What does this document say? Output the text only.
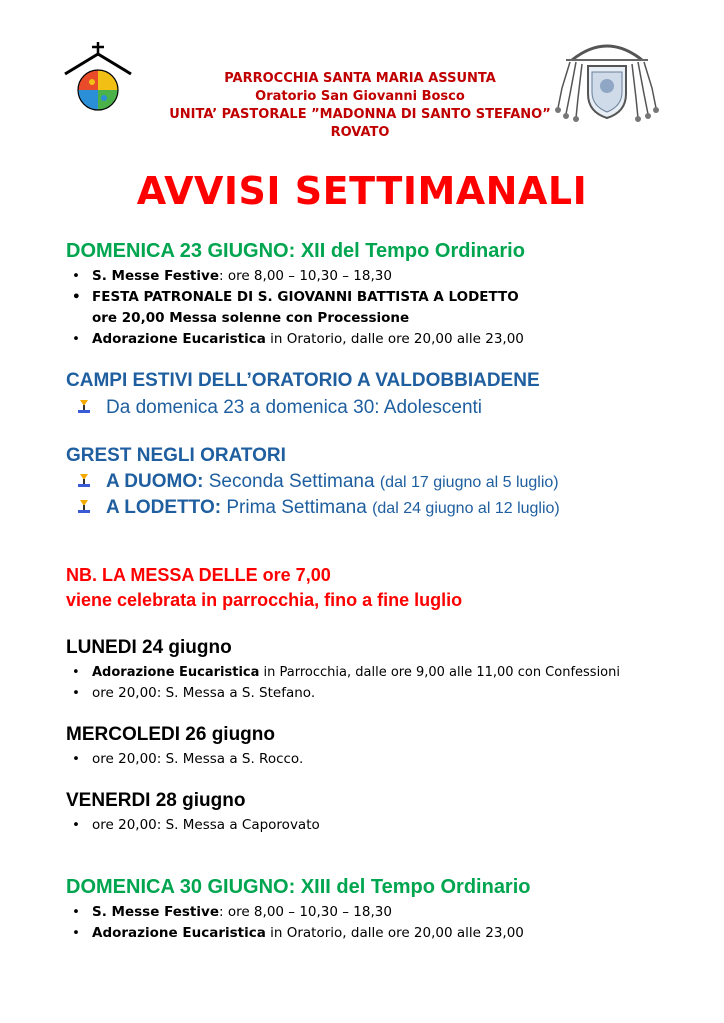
PARROCCHIA SANTA MARIA ASSUNTA
Oratorio San Giovanni Bosco
UNITA’ PASTORALE ”MADONNA DI SANTO STEFANO”
ROVATO
AVVISI SETTIMANALI
DOMENICA 23 GIUGNO: XII del Tempo Ordinario
• S. Messe Festive: ore 8,00 – 10,30 – 18,30
• FESTA PATRONALE DI S. GIOVANNI BATTISTA A LODETTO
ore 20,00 Messa solenne con Processione
• Adorazione Eucaristica in Oratorio, dalle ore 20,00 alle 23,00
CAMPI ESTIVI DELL’ORATORIO A VALDOBBIADENE
Da domenica 23 a domenica 30: Adolescenti
GREST NEGLI ORATORI
A DUOMO: Seconda Settimana (dal 17 giugno al 5 luglio)
A LODETTO: Prima Settimana (dal 24 giugno al 12 luglio)
NB. LA MESSA DELLE ore 7,00
viene celebrata in parrocchia, fino a fine luglio
LUNEDI 24 giugno
• Adorazione Eucaristica in Parrocchia, dalle ore 9,00 alle 11,00 con Confessioni
• ore 20,00: S. Messa a S. Stefano.
MERCOLEDI 26 giugno
• ore 20,00: S. Messa a S. Rocco.
VENERDI 28 giugno
• ore 20,00: S. Messa a Caporovato
DOMENICA 30 GIUGNO: XIII del Tempo Ordinario
• S. Messe Festive: ore 8,00 – 10,30 – 18,30
• Adorazione Eucaristica in Oratorio, dalle ore 20,00 alle 23,00
